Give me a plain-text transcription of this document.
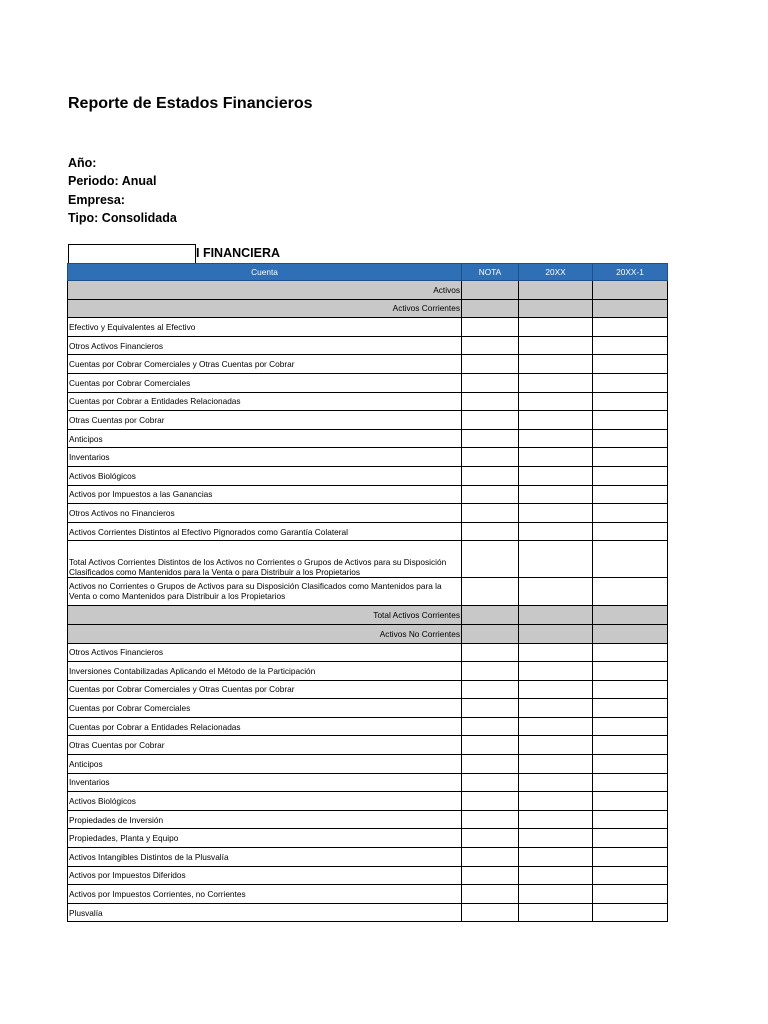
Reporte de Estados Financieros
Año:
Periodo: Anual
Empresa:
Tipo: Consolidada
I FINANCIERA
Cuenta	NOTA	20XX	20XX-1
Activos			
Activos Corrientes			
Efectivo y Equivalentes al Efectivo			
Otros Activos Financieros			
Cuentas por Cobrar Comerciales y Otras Cuentas por Cobrar			
Cuentas por Cobrar Comerciales			
Cuentas por Cobrar a Entidades Relacionadas			
Otras Cuentas por Cobrar			
Anticipos			
Inventarios			
Activos Biológicos			
Activos por Impuestos a las Ganancias			
Otros Activos no Financieros			
Activos Corrientes Distintos al Efectivo Pignorados como Garantía Colateral			
Total Activos Corrientes Distintos de los Activos no Corrientes o Grupos de Activos para su Disposición Clasificados como Mantenidos para la Venta o para Distribuir a los Propietarios			
Activos no Corrientes o Grupos de Activos para su Disposición Clasificados como Mantenidos para la Venta o como Mantenidos para Distribuir a los Propietarios			
Total Activos Corrientes			
Activos No Corrientes			
Otros Activos Financieros			
Inversiones Contabilizadas Aplicando el Método de la Participación			
Cuentas por Cobrar Comerciales y Otras Cuentas por Cobrar			
Cuentas por Cobrar Comerciales			
Cuentas por Cobrar a Entidades Relacionadas			
Otras Cuentas por Cobrar			
Anticipos			
Inventarios			
Activos Biológicos			
Propiedades de Inversión			
Propiedades, Planta y Equipo			
Activos Intangibles Distintos de la Plusvalía			
Activos por Impuestos Diferidos			
Activos por Impuestos Corrientes, no Corrientes			
Plusvalía			
